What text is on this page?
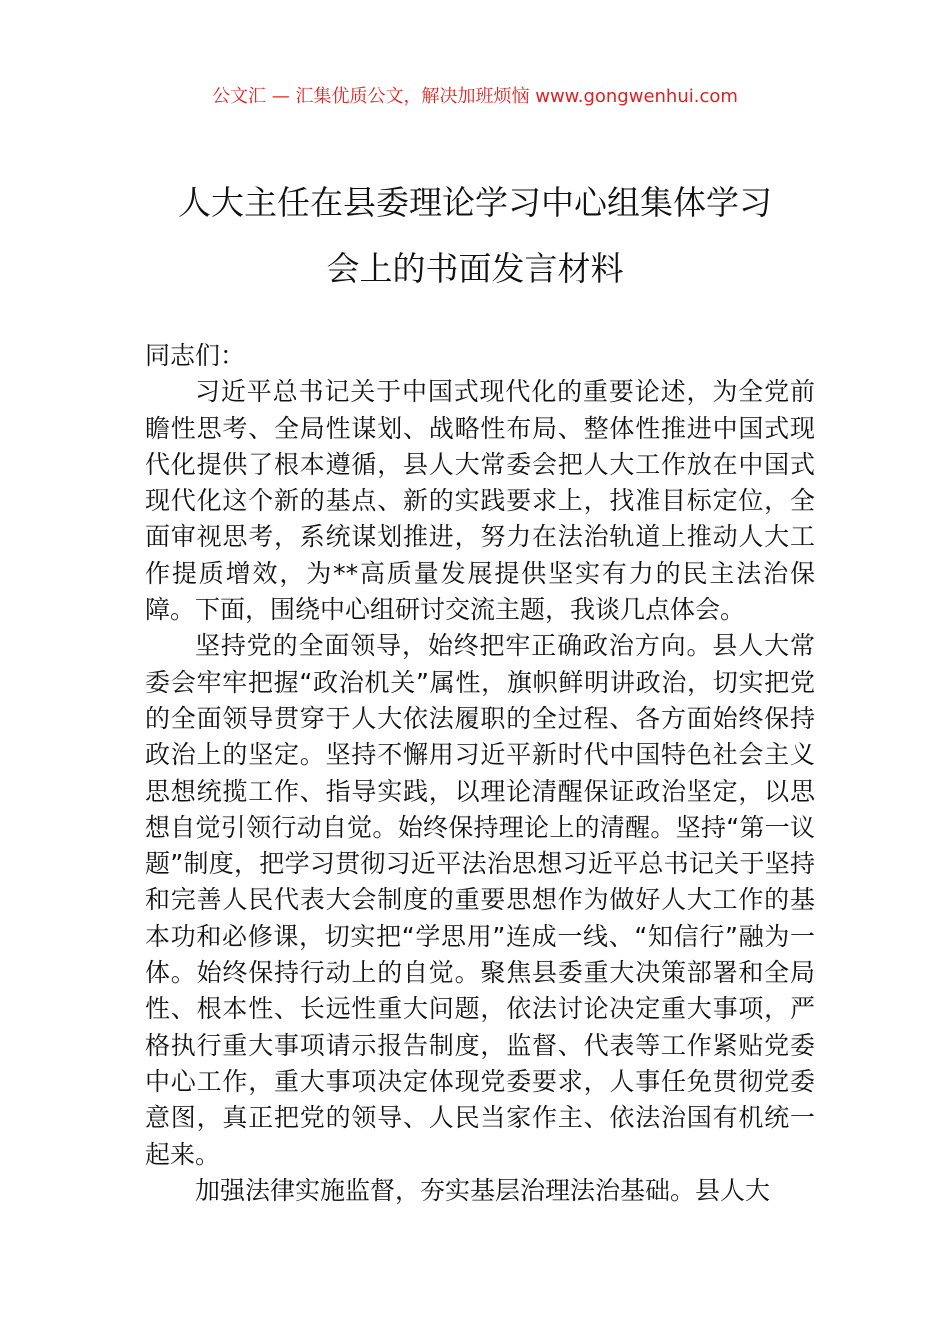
公文汇 — 汇集优质公文，解决加班烦恼 www.gongwenhui.com
人大主任在县委理论学习中心组集体学习
会上的书面发言材料

同志们：

习近平总书记关于中国式现代化的重要论述，为全党前瞻性思考、全局性谋划、战略性布局、整体性推进中国式现代化提供了根本遵循，县人大常委会把人大工作放在中国式现代化这个新的基点、新的实践要求上，找准目标定位，全面审视思考，系统谋划推进，努力在法治轨道上推动人大工作提质增效，为**高质量发展提供坚实有力的民主法治保障。下面，围绕中心组研讨交流主题，我谈几点体会。

坚持党的全面领导，始终把牢正确政治方向。县人大常委会牢牢把握“政治机关”属性，旗帜鲜明讲政治，切实把党的全面领导贯穿于人大依法履职的全过程、各方面始终保持政治上的坚定。坚持不懈用习近平新时代中国特色社会主义思想统揽工作、指导实践，以理论清醒保证政治坚定，以思想自觉引领行动自觉。始终保持理论上的清醒。坚持“第一议题”制度，把学习贯彻习近平法治思想习近平总书记关于坚持和完善人民代表大会制度的重要思想作为做好人大工作的基本功和必修课，切实把“学思用”连成一线、“知信行”融为一体。始终保持行动上的自觉。聚焦县委重大决策部署和全局性、根本性、长远性重大问题，依法讨论决定重大事项，严格执行重大事项请示报告制度，监督、代表等工作紧贴党委中心工作，重大事项决定体现党委要求，人事任免贯彻党委意图，真正把党的领导、人民当家作主、依法治国有机统一起来。

加强法律实施监督，夯实基层治理法治基础。县人大
